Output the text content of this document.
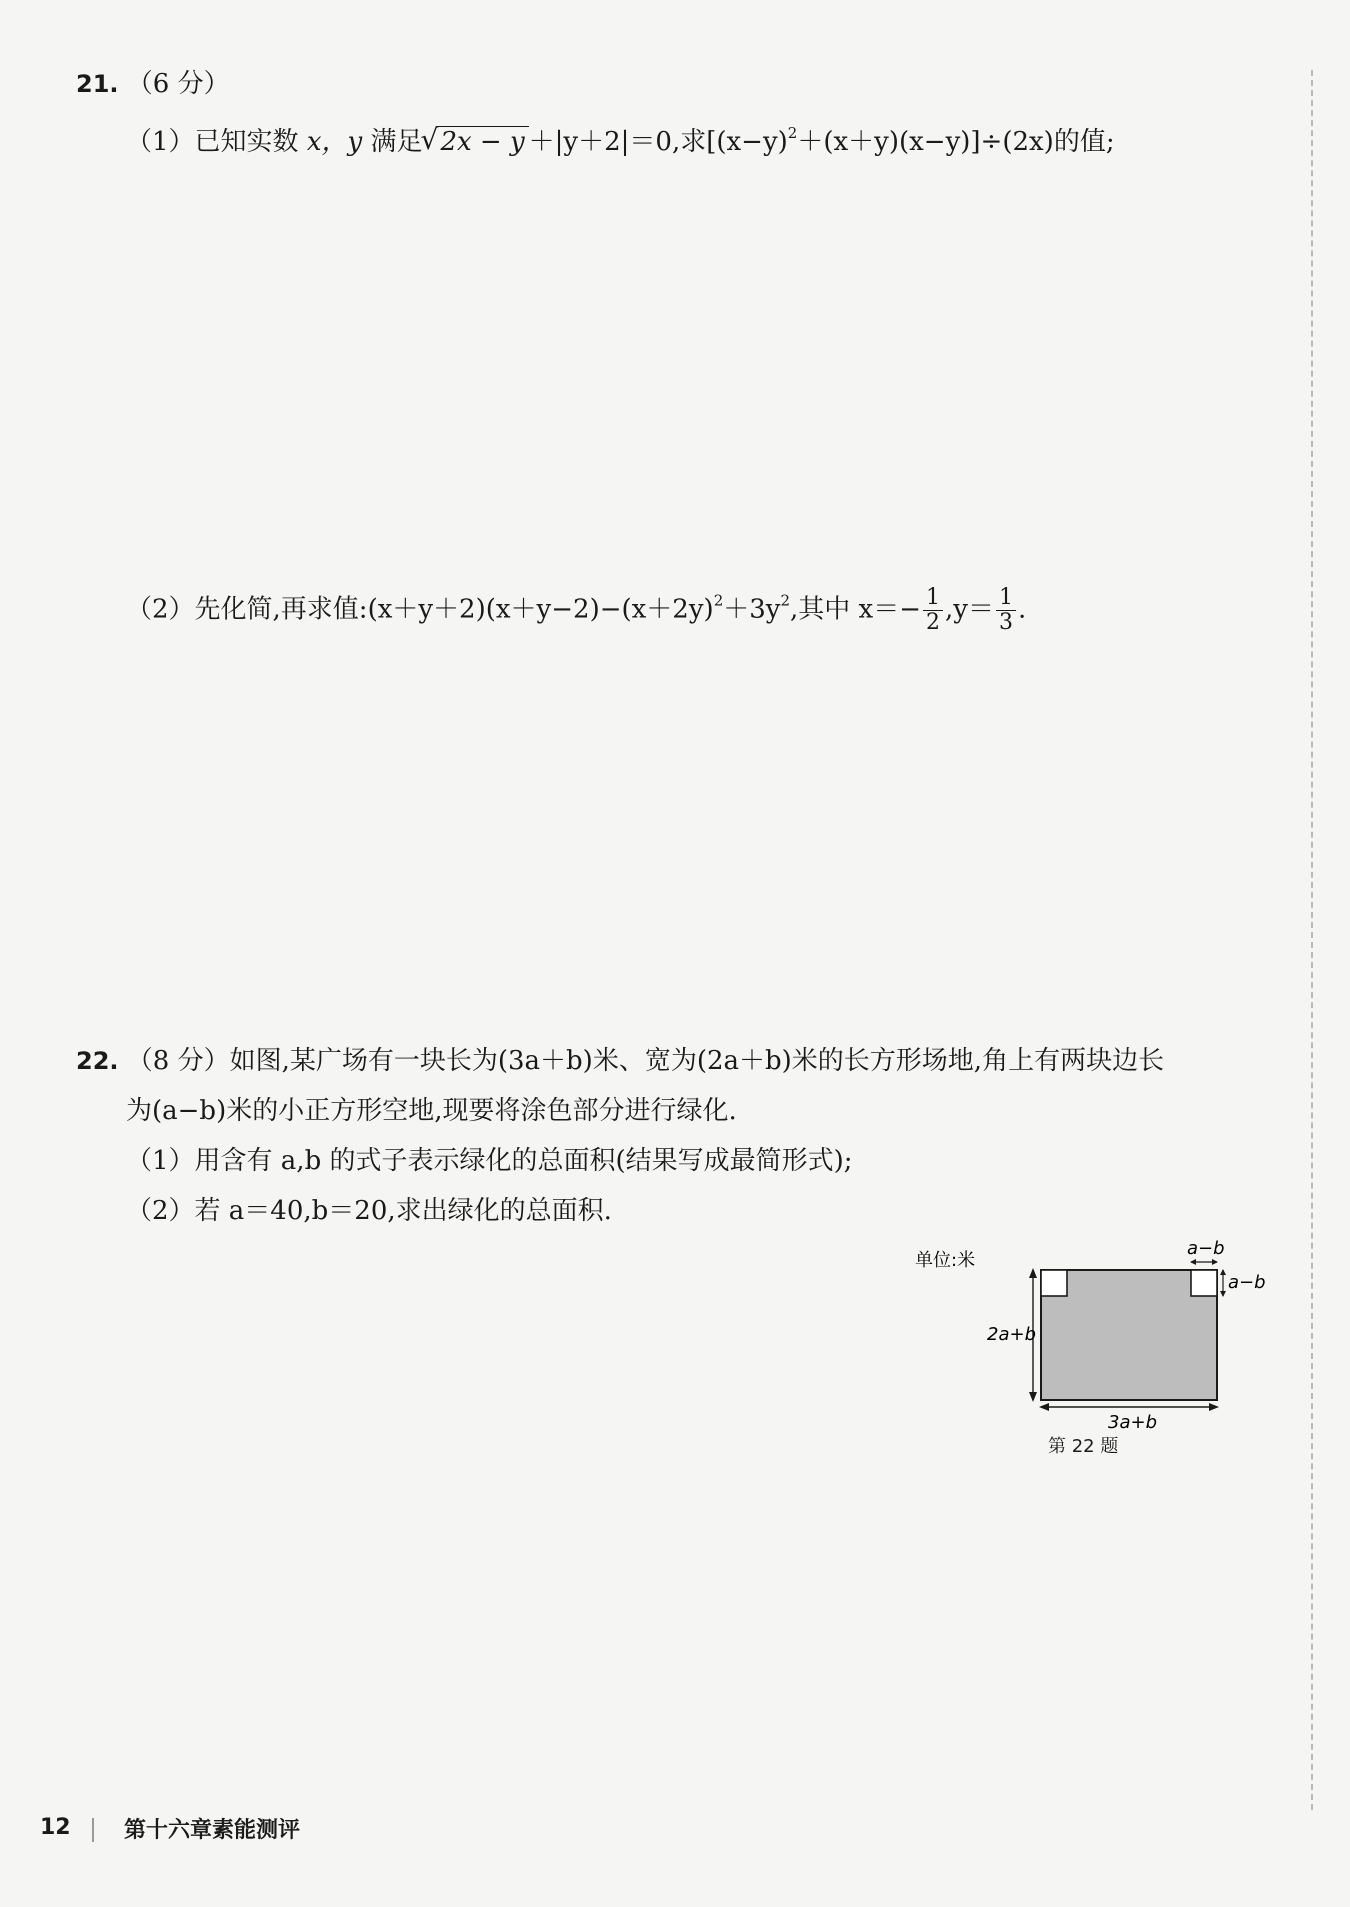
21. （6 分）
（1）已知实数 x，y 满足√ 2x − y ＋|y＋2|＝0,求$[(x-y)^2+(x+y)(x-y)]\div(2x)$的值;
（2）先化简,再求值$:(x+y+2)(x+y-2)-(x+2y)^2+3y^2$,其中 $x=- \frac{1}{2} ,y= \frac{1}{3}$ .
22. （8 分）如图,某广场有一块长为(3a＋b)米、宽为(2a＋b)米的长方形场地,角上有两块边长
为(a−b)米的小正方形空地,现要将涂色部分进行绿化.
（1）用含有 a,b 的式子表示绿化的总面积(结果写成最简形式);
（2）若 a＝40,b＝20,求出绿化的总面积.
单位:米
a−b
a−b
2a+b
3a+b
第 22 题
12 第十六章素能测评
